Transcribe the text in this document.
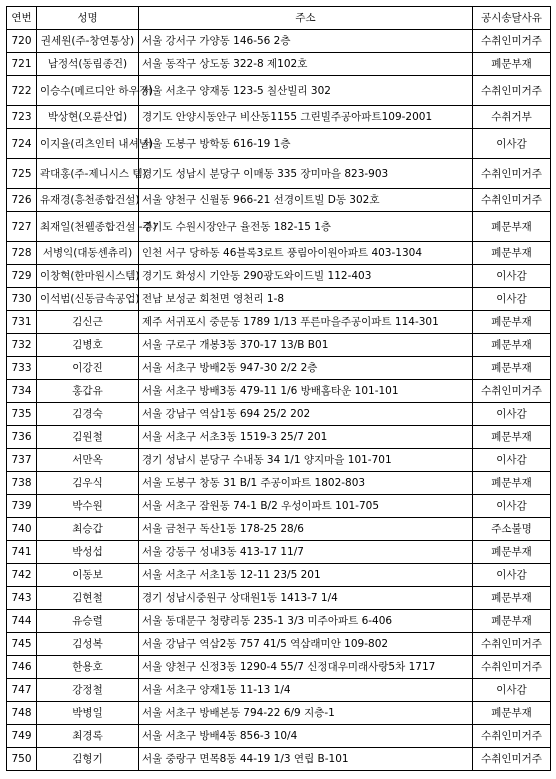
연번	성명	주소	공시송달사유
720	권세원(주-창연통상)	서울 강서구 가양동 146-56 2층	수취인미거주
721	남정석(동림종건)	서울 동작구 상도동 322-8 제102호	폐문부재
722	이승수(메르디안 하우징)	서울 서초구 양재동 123-5 칠산빌리 302	수취인미거주
723	박상현(오륜산업)	경기도 안양시동안구 비산동1155 그린빌주공아파트109-2001	수취거부
724	이지율(리츠인터 내셔널)	서울 도봉구 방학동 616-19 1층	이사감
725	곽대홍(주-제니시스 템)	경기도 성남시 분당구 이매동 335 장미마을 823-903	수취인미거주
726	유재경(흥천종합건설)	서울 양천구 신월동 966-21 선경이트빌 D동 302호	수취인미거주
727	최재일(천웰종합건설 -주)	경기도 수원시장안구 율전동 182-15 1층	폐문부재
728	서병익(대동센츄리)	인천 서구 당하동 46블록3로트 풍림아이원아파트 403-1304	폐문부재
729	이창혁(한마원시스템)	경기도 화성시 기안동 290광도와이드빌 112-403	이사감
730	이석범(신동금속공업)	전남 보성군 회천면 영천리 1-8	이사감
731	김신근	제주 서귀포시 중문동 1789 1/13 푸른마을주공이파트 114-301	폐문부재
732	김병호	서울 구로구 개봉3동 370-17 13/B B01	폐문부재
733	이강진	서울 서초구 방배2동 947-30 2/2 2층	폐문부재
734	홍갑유	서울 서초구 방배3동 479-11 1/6 방배홈타운 101-101	수취인미거주
735	김경숙	서울 강남구 역삼1동 694 25/2 202	이사감
736	김원철	서울 서초구 서초3동 1519-3 25/7 201	폐문부재
737	서만옥	경기 성남시 분당구 수내동 34 1/1 양지마을 101-701	이사감
738	김우식	서울 도봉구 창동 31 B/1 주공이파트 1802-803	폐문부재
739	박수원	서울 서초구 잠원동 74-1 B/2 우성이파트 101-705	이사감
740	최승갑	서울 금천구 독산1동 178-25 28/6	주소불명
741	박성섭	서울 강동구 성내3동 413-17 11/7	폐문부재
742	이동보	서울 서초구 서초1동 12-11 23/5 201	이사감
743	김현철	경기 성남시중원구 상대원1동 1413-7 1/4	폐문부재
744	유승렬	서울 동대문구 청량리동 235-1 3/3 미주아파트 6-406	폐문부재
745	김성복	서울 강남구 역삼2동 757 41/5 역삼래미안 109-802	수취인미거주
746	한용호	서울 양천구 신정3동 1290-4 55/7 신정대우미래사랑5차 1717	수취인미거주
747	강정철	서울 서초구 양재1동 11-13 1/4	이사감
748	박병일	서울 서초구 방배본동 794-22 6/9 지층-1	폐문부재
749	최경록	서울 서초구 방배4동 856-3 10/4	수취인미거주
750	김형기	서울 중랑구 면목8동 44-19 1/3 연립 B-101	수취인미거주
